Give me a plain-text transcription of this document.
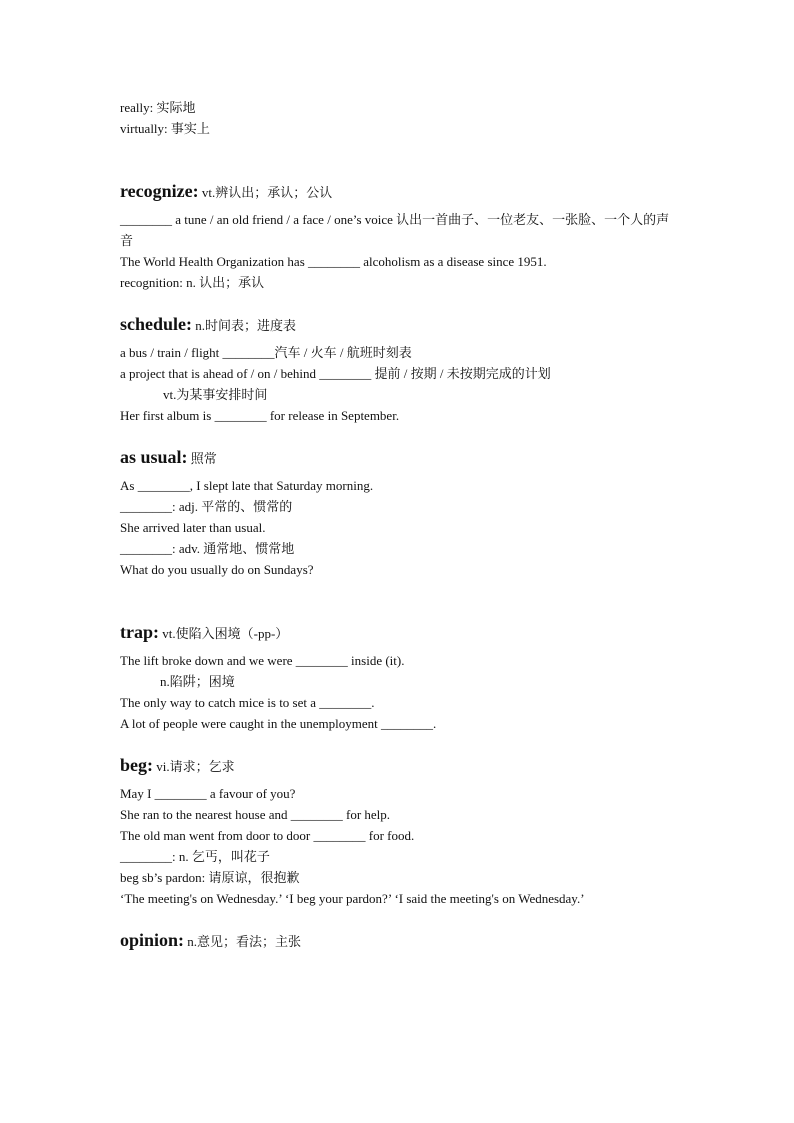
really: 实际地
virtually: 事实上
recognize: vt.辨认出；承认；公认
________ a tune / an old friend / a face / one’s voice 认出一首曲子、一位老友、一张脸、一个人的声音
The World Health Organization has ________ alcoholism as a disease since 1951.
recognition: n. 认出；承认
schedule: n.时间表；进度表
a bus / train / flight ________汽车 / 火车 / 航班时刻表
a project that is ahead of / on / behind ________ 提前 / 按期 / 未按期完成的计划
vt.为某事安排时间
Her first album is ________ for release in September.
as usual: 照常
As ________, I slept late that Saturday morning.
________: adj. 平常的、惯常的
She arrived later than usual.
________: adv. 通常地、惯常地
What do you usually do on Sundays?
trap: vt.使陷入困境（-pp-）
The lift broke down and we were ________ inside (it).
n.陷阱；困境
The only way to catch mice is to set a ________.
A lot of people were caught in the unemployment ________.
beg: vi.请求；乞求
May I ________ a favour of you?
She ran to the nearest house and ________ for help.
The old man went from door to door ________ for food.
________: n. 乞丐，叫花子
beg sb’s pardon: 请原谅，很抱歉
‘The meeting's on Wednesday.’ ‘I beg your pardon?’ ‘I said the meeting's on Wednesday.’
opinion: n.意见；看法；主张
